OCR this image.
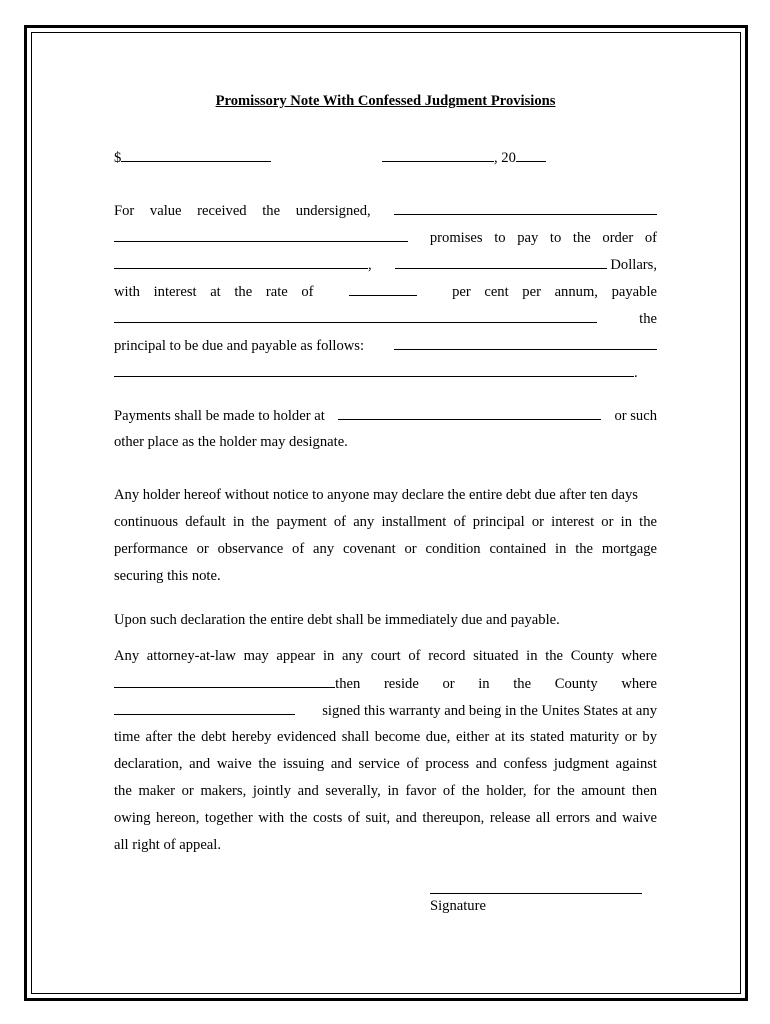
Promissory Note With Confessed Judgment Provisions
$	, 20
For value received the undersigned,
promises to pay to the order of
,	Dollars,
with interest at the rate of	per cent per annum, payable
the
principal to be due and payable as follows:
.
Payments shall be made to holder at	or such
other place as the holder may designate.
Any holder hereof without notice to anyone may declare the entire debt due after ten days
continuous default in the payment of any installment of principal or interest or in the
performance or observance of any covenant or condition contained in the mortgage
securing this note.
Upon such declaration the entire debt shall be immediately due and payable.
Any attorney-at-law may appear in any court of record situated in the County where
then reside or in the County where
signed this warranty and being in the Unites States at any
time after the debt hereby evidenced shall become due, either at its stated maturity or by
declaration, and waive the issuing and service of process and confess judgment against
the maker or makers, jointly and severally, in favor of the holder, for the amount then
owing hereon, together with the costs of suit, and thereupon, release all errors and waive
all right of appeal.
Signature
